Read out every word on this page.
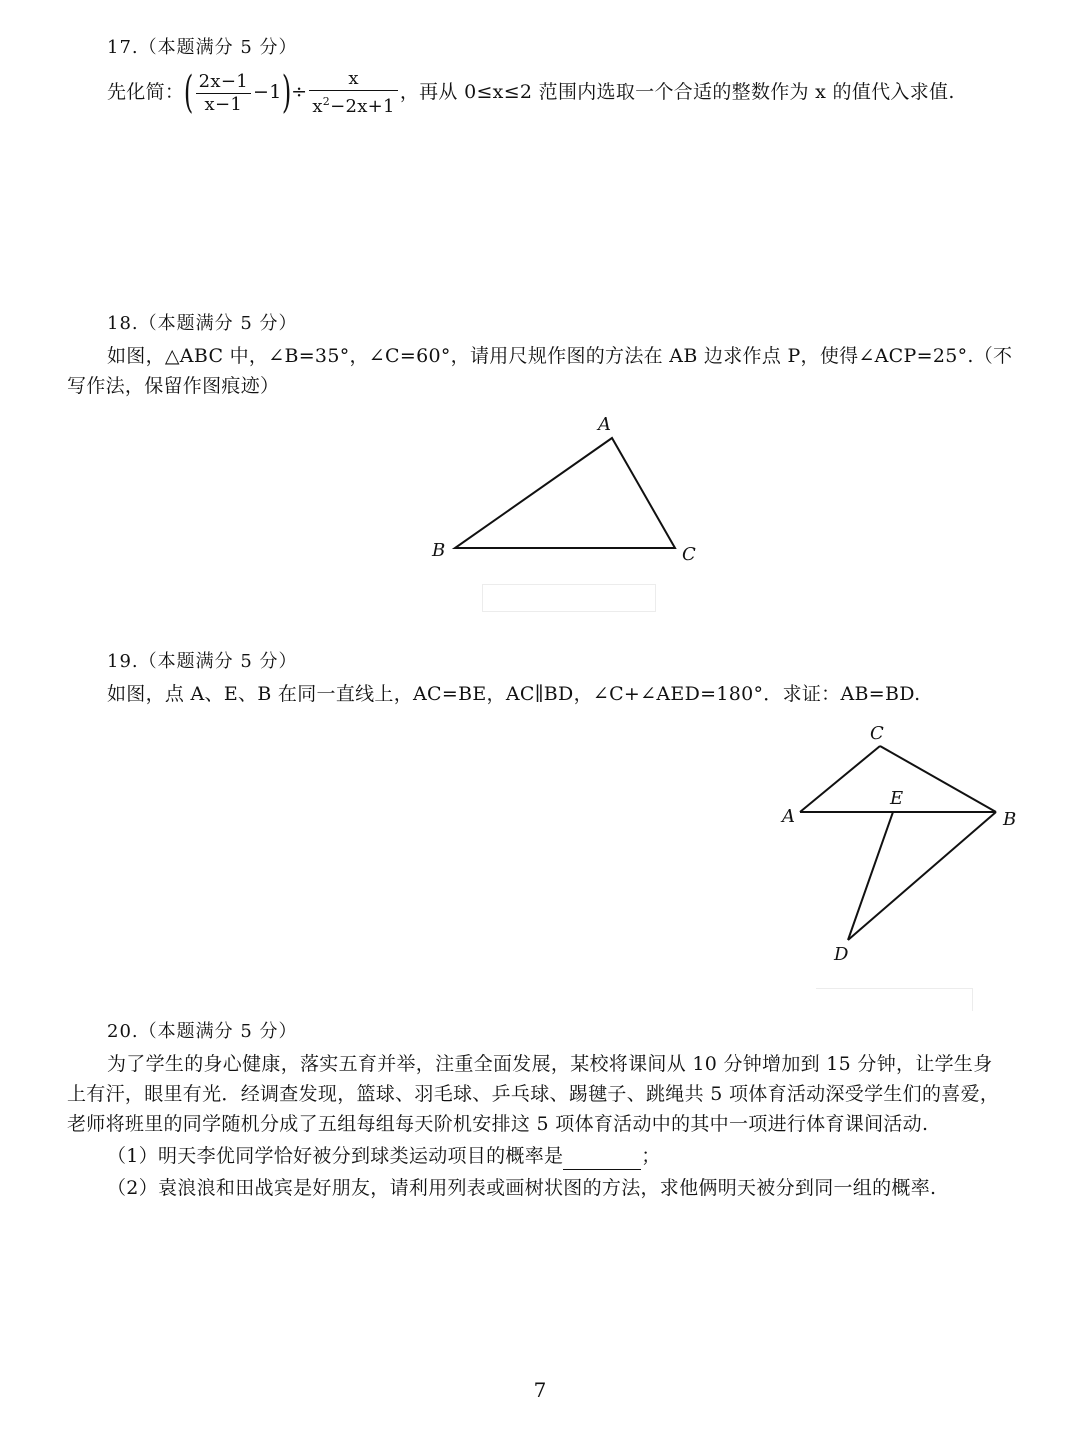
17.（本题满分 5 分）
先化简：( $\frac{2x-1}{x-1} -1)\div \frac{x}{x^2-2x+1}$ ，再从 0≤x≤2 范围内选取一个合适的整数作为 x 的值代入求值.
18.（本题满分 5 分）
如图，△ABC 中，∠B=35°，∠C=60°，请用尺规作图的方法在 AB 边求作点 P，使得∠ACP=25°.（不
写作法，保留作图痕迹）
A
B	C
19.（本题满分 5 分）
如图，点 A、E、B 在同一直线上，AC=BE，AC∥BD，∠C+∠AED=180°．求证：AB=BD.
C
A
E
B
D
20.（本题满分 5 分）
为了学生的身心健康，落实五育并举，注重全面发展，某校将课间从 10 分钟增加到 15 分钟，让学生身
上有汗，眼里有光．经调查发现，篮球、羽毛球、乒乓球、踢毽子、跳绳共 5 项体育活动深受学生们的喜爱，
老师将班里的同学随机分成了五组每组每天阶机安排这 5 项体育活动中的其中一项进行体育课间活动.
（1）明天李优同学恰好被分到球类运动项目的概率是	；
（2）袁浪浪和田战宾是好朋友，请利用列表或画树状图的方法，求他俩明天被分到同一组的概率.
7
